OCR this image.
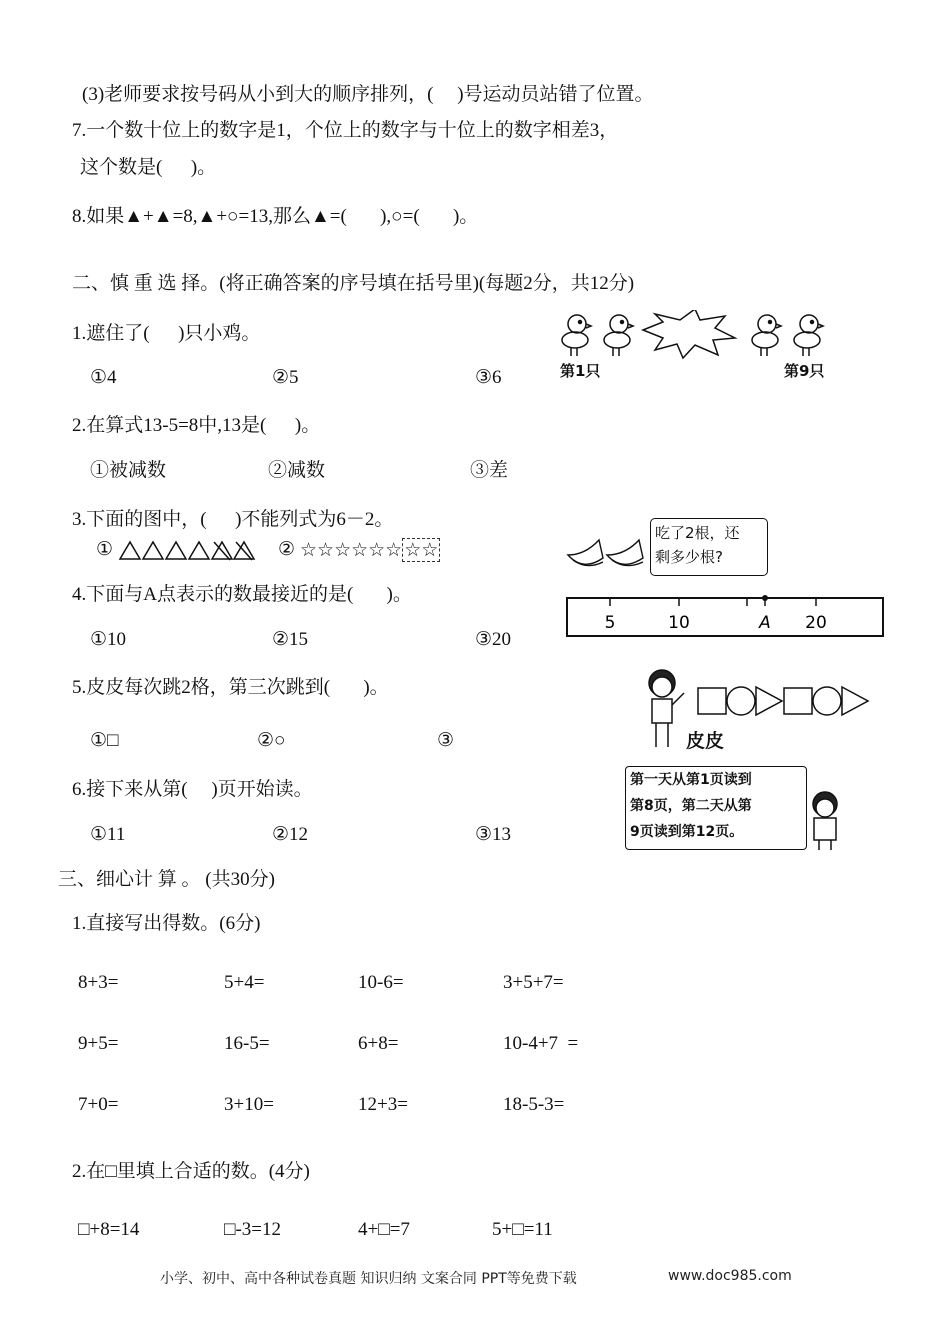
(3)老师要求按号码从小到大的顺序排列，(     )号运动员站错了位置。
7.一个数十位上的数字是1，个位上的数字与十位上的数字相差3，
这个数是(      )。
8.如果▲+▲=8,▲+○=13,那么▲=(       ),○=(       )。
二、慎 重 选 择。(将正确答案的序号填在括号里)(每题2分，共12分)
1.遮住了(      )只小鸡。
①4	②5	③6
2.在算式13-5=8中,13是(      )。
①被减数	②减数	③差
3.下面的图中，(      )不能列式为6－2。
①	② ☆☆☆☆☆☆ ☆☆
4.下面与A点表示的数最接近的是(       )。
①10	②15	③20
5.皮皮每次跳2格，第三次跳到(       )。
①□	②○	③
6.接下来从第(     )页开始读。
①11	②12	③13
第1只	第9只
吃了2根，还
剩多少根?
5	10	A 20
皮皮
第一天从第1页读到
第8页，第二天从第
9页读到第12页。
三、细心计 算 。 (共30分)
1.直接写出得数。(6分)
8+3=	5+4=	10-6=	3+5+7=
9+5=	16-5=	6+8=	10-4+7  =
7+0=	3+10=	12+3=	18-5-3=
2.在□里填上合适的数。(4分)
□+8=14	□-3=12	4+□=7	5+□=11
小学、初中、高中各种试卷真题 知识归纳 文案合同 PPT等免费下载	www.doc985.com
